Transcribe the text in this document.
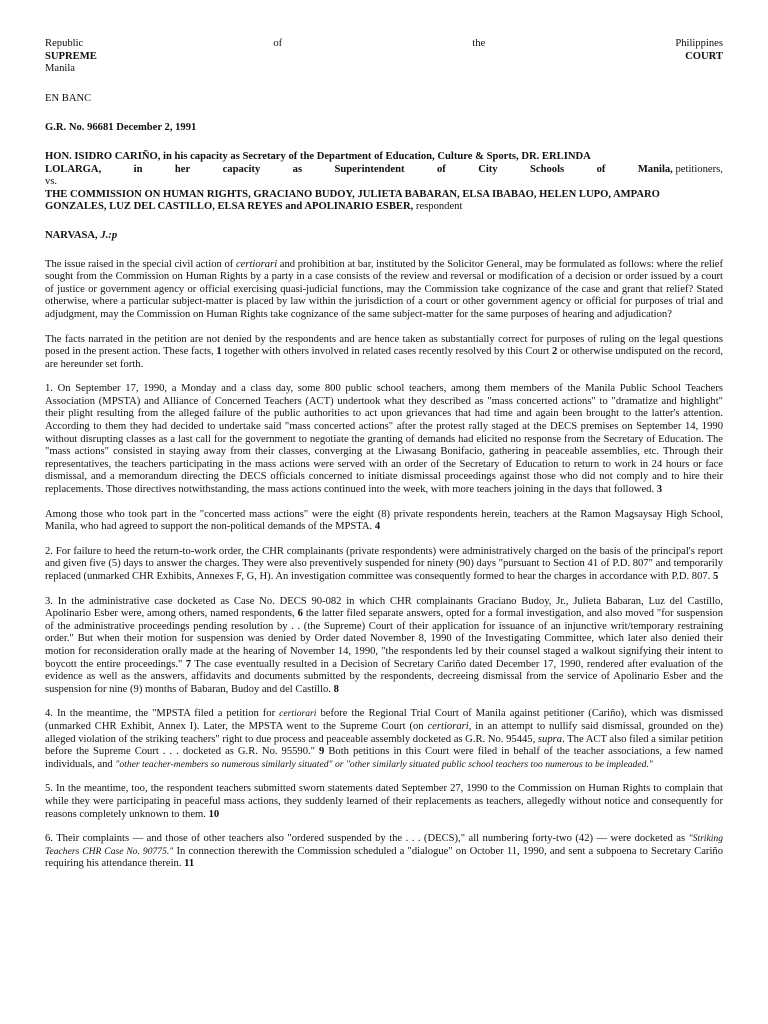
Republic	of	the	Philippines
SUPREME	COURT
Manila
EN BANC
G.R. No. 96681 December 2, 1991
HON. ISIDRO CARIÑO, in his capacity as Secretary of the Department of Education, Culture & Sports, DR. ERLINDA
LOLARGA,	in	her	capacity	as	Superintendent	of	City	Schools	of	Manila, petitioners,
vs.

THE COMMISSION ON HUMAN RIGHTS, GRACIANO BUDOY, JULIETA BABARAN, ELSA IBABAO, HELEN LUPO, AMPARO GONZALES, LUZ DEL CASTILLO, ELSA REYES and APOLINARIO ESBER, respondent

NARVASA, J.:p

The issue raised in the special civil action of certiorari and prohibition at bar, instituted by the Solicitor General, may be formulated as follows: where the relief sought from the Commission on Human Rights by a party in a case consists of the review and reversal or modification of a decision or order issued by a court of justice or government agency or official exercising quasi-judicial functions, may the Commission take cognizance of the case and grant that relief? Stated otherwise, where a particular subject-matter is placed by law within the jurisdiction of a court or other government agency or official for purposes of trial and adjudgment, may the Commission on Human Rights take cognizance of the same subject-matter for the same purposes of hearing and adjudication?

The facts narrated in the petition are not denied by the respondents and are hence taken as substantially correct for purposes of ruling on the legal questions posed in the present action. These facts, 1 together with others involved in related cases recently resolved by this Court 2 or otherwise undisputed on the record, are hereunder set forth.

1. On September 17, 1990, a Monday and a class day, some 800 public school teachers, among them members of the Manila Public School Teachers Association (MPSTA) and Alliance of Concerned Teachers (ACT) undertook what they described as "mass concerted actions" to "dramatize and highlight" their plight resulting from the alleged failure of the public authorities to act upon grievances that had time and again been brought to the latter's attention. According to them they had decided to undertake said "mass concerted actions" after the protest rally staged at the DECS premises on September 14, 1990 without disrupting classes as a last call for the government to negotiate the granting of demands had elicited no response from the Secretary of Education. The "mass actions" consisted in staying away from their classes, converging at the Liwasang Bonifacio, gathering in peaceable assemblies, etc. Through their representatives, the teachers participating in the mass actions were served with an order of the Secretary of Education to return to work in 24 hours or face dismissal, and a memorandum directing the DECS officials concerned to initiate dismissal proceedings against those who did not comply and to hire their replacements. Those directives notwithstanding, the mass actions continued into the week, with more teachers joining in the days that followed. 3

Among those who took part in the "concerted mass actions" were the eight (8) private respondents herein, teachers at the Ramon Magsaysay High School, Manila, who had agreed to support the non-political demands of the MPSTA. 4

2. For failure to heed the return-to-work order, the CHR complainants (private respondents) were administratively charged on the basis of the principal's report and given five (5) days to answer the charges. They were also preventively suspended for ninety (90) days "pursuant to Section 41 of P.D. 807" and temporarily replaced (unmarked CHR Exhibits, Annexes F, G, H). An investigation committee was consequently formed to hear the charges in accordance with P.D. 807. 5

3. In the administrative case docketed as Case No. DECS 90-082 in which CHR complainants Graciano Budoy, Jr., Julieta Babaran, Luz del Castillo, Apolinario Esber were, among others, named respondents, 6 the latter filed separate answers, opted for a formal investigation, and also moved "for suspension of the administrative proceedings pending resolution by . . (the Supreme) Court of their application for issuance of an injunctive writ/temporary restraining order." But when their motion for suspension was denied by Order dated November 8, 1990 of the Investigating Committee, which later also denied their motion for reconsideration orally made at the hearing of November 14, 1990, "the respondents led by their counsel staged a walkout signifying their intent to boycott the entire proceedings." 7 The case eventually resulted in a Decision of Secretary Cariño dated December 17, 1990, rendered after evaluation of the evidence as well as the answers, affidavits and documents submitted by the respondents, decreeing dismissal from the service of Apolinario Esber and the suspension for nine (9) months of Babaran, Budoy and del Castillo. 8

4. In the meantime, the "MPSTA filed a petition for certiorari before the Regional Trial Court of Manila against petitioner (Cariño), which was dismissed (unmarked CHR Exhibit, Annex I). Later, the MPSTA went to the Supreme Court (on certiorari, in an attempt to nullify said dismissal, grounded on the) alleged violation of the striking teachers" right to due process and peaceable assembly docketed as G.R. No. 95445, supra. The ACT also filed a similar petition before the Supreme Court . . . docketed as G.R. No. 95590." 9 Both petitions in this Court were filed in behalf of the teacher associations, a few named individuals, and "other teacher-members so numerous similarly situated" or "other similarly situated public school teachers too numerous to be impleaded."

5. In the meantime, too, the respondent teachers submitted sworn statements dated September 27, 1990 to the Commission on Human Rights to complain that while they were participating in peaceful mass actions, they suddenly learned of their replacements as teachers, allegedly without notice and consequently for reasons completely unknown to them. 10

6. Their complaints — and those of other teachers also "ordered suspended by the . . . (DECS)," all numbering forty-two (42) — were docketed as "Striking Teachers CHR Case No. 90775." In connection therewith the Commission scheduled a "dialogue" on October 11, 1990, and sent a subpoena to Secretary Cariño requiring his attendance therein. 11
